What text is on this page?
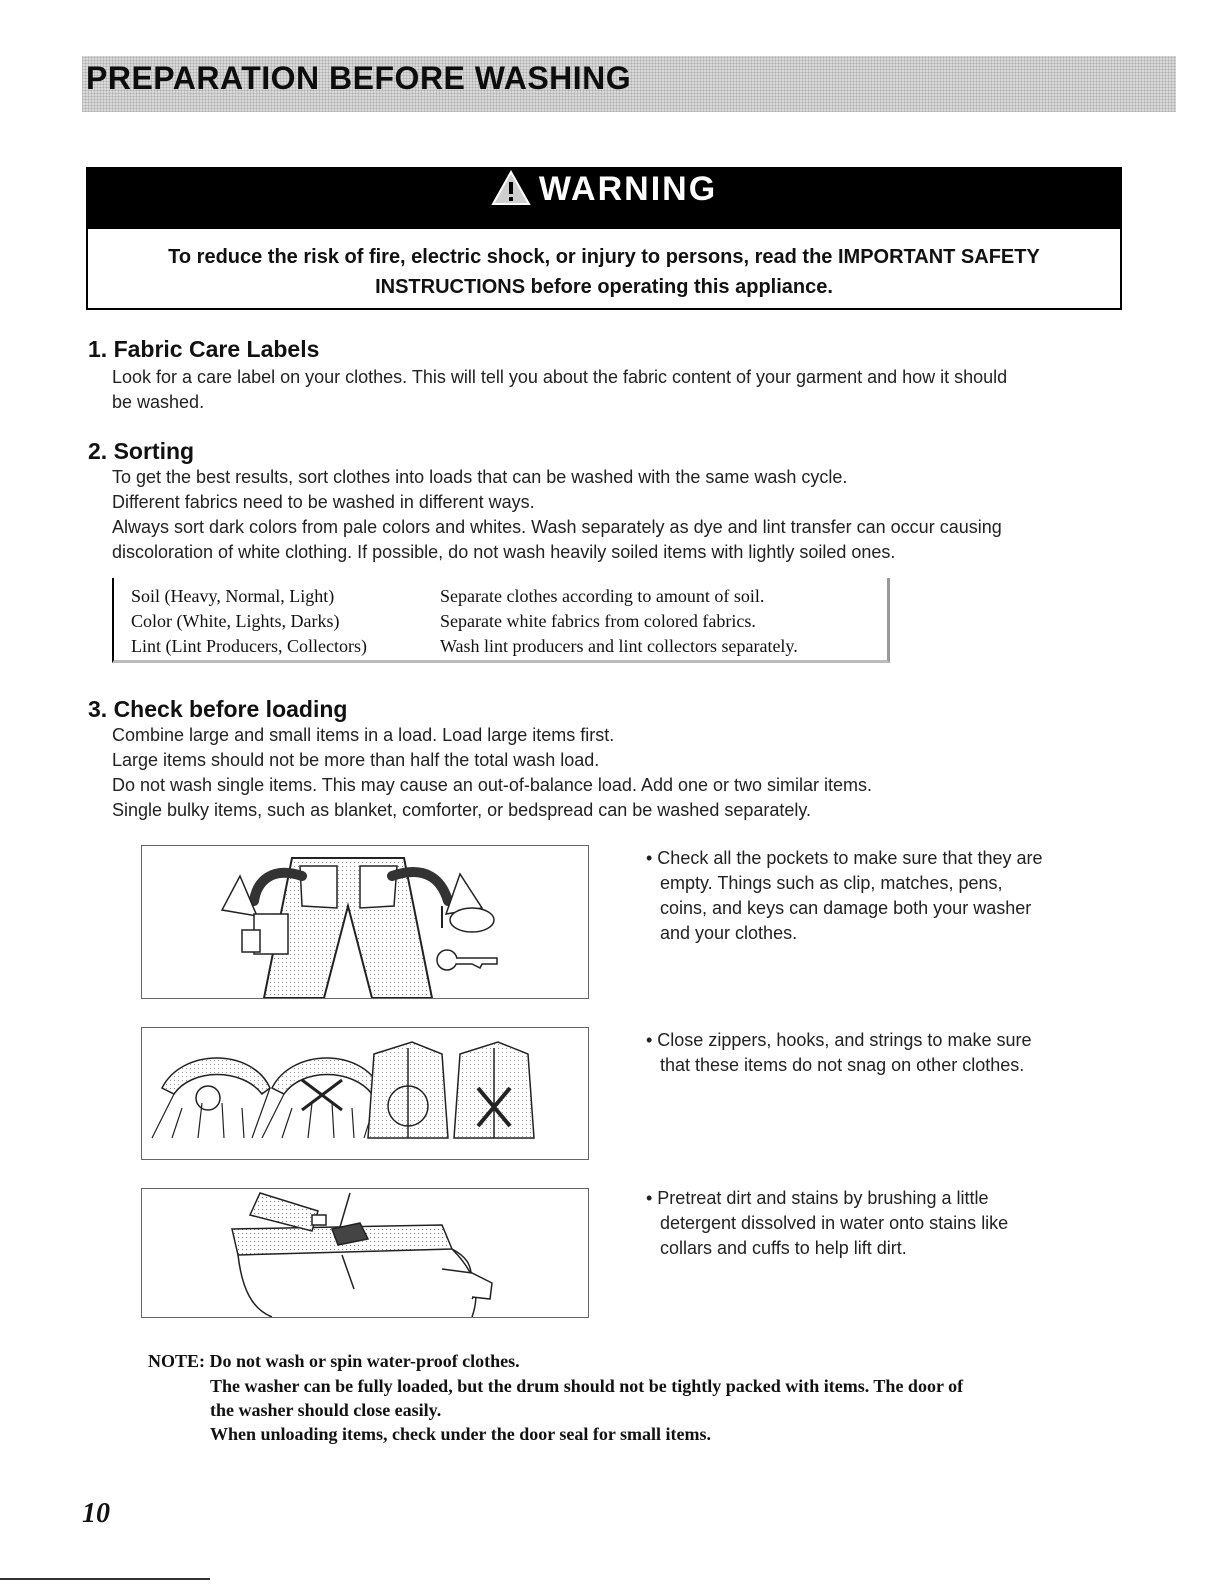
PREPARATION BEFORE WASHING
WARNING
To reduce the risk of fire, electric shock, or injury to persons, read the IMPORTANT SAFETY
INSTRUCTIONS before operating this appliance.
1. Fabric Care Labels
Look for a care label on your clothes. This will tell you about the fabric content of your garment and how it should
be washed.
2. Sorting
To get the best results, sort clothes into loads that can be washed with the same wash cycle.
Different fabrics need to be washed in different ways.
Always sort dark colors from pale colors and whites. Wash separately as dye and lint transfer can occur causing
discoloration of white clothing. If possible, do not wash heavily soiled items with lightly soiled ones.
Soil (Heavy, Normal, Light)	Separate clothes according to amount of soil.
Color (White, Lights, Darks)	Separate white fabrics from colored fabrics.
Lint (Lint Producers, Collectors)	Wash lint producers and lint collectors separately.
3. Check before loading
Combine large and small items in a load. Load large items first.
Large items should not be more than half the total wash load.
Do not wash single items. This may cause an out-of-balance load. Add one or two similar items.
Single bulky items, such as blanket, comforter, or bedspread can be washed separately.
• Check all the pockets to make sure that they are
empty. Things such as clip, matches, pens,
coins, and keys can damage both your washer
and your clothes.
• Close zippers, hooks, and strings to make sure
that these items do not snag on other clothes.
• Pretreat dirt and stains by brushing a little
detergent dissolved in water onto stains like
collars and cuffs to help lift dirt.
NOTE: Do not wash or spin water-proof clothes.
The washer can be fully loaded, but the drum should not be tightly packed with items. The door of
the washer should close easily.
When unloading items, check under the door seal for small items.
10
